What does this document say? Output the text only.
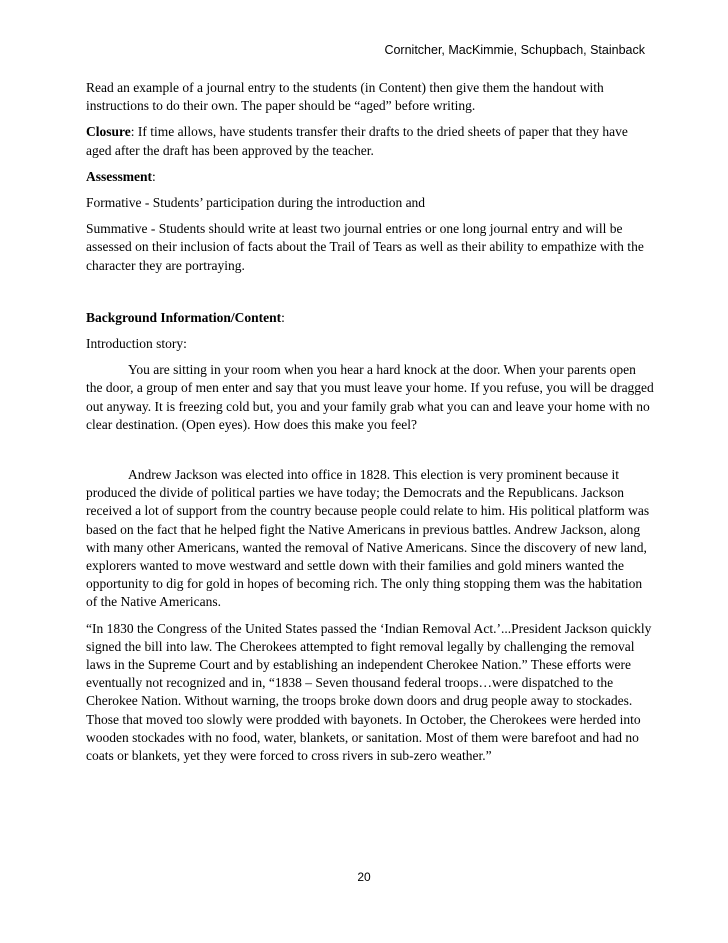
Cornitcher, MacKimmie, Schupbach, Stainback

Read an example of a journal entry to the students (in Content) then give them the handout with instructions to do their own. The paper should be “aged” before writing.

Closure: If time allows, have students transfer their drafts to the dried sheets of paper that they have aged after the draft has been approved by the teacher.

Assessment:

Formative - Students’ participation during the introduction and

Summative - Students should write at least two journal entries or one long journal entry and will be assessed on their inclusion of facts about the Trail of Tears as well as their ability to empathize with the character they are portraying.

Background Information/Content:

Introduction story:

You are sitting in your room when you hear a hard knock at the door. When your parents open the door, a group of men enter and say that you must leave your home. If you refuse, you will be dragged out anyway. It is freezing cold but, you and your family grab what you can and leave your home with no clear destination. (Open eyes). How does this make you feel?

Andrew Jackson was elected into office in 1828. This election is very prominent because it produced the divide of political parties we have today; the Democrats and the Republicans. Jackson received a lot of support from the country because people could relate to him. His political platform was based on the fact that he helped fight the Native Americans in previous battles. Andrew Jackson, along with many other Americans, wanted the removal of Native Americans. Since the discovery of new land, explorers wanted to move westward and settle down with their families and gold miners wanted the opportunity to dig for gold in hopes of becoming rich. The only thing stopping them was the habitation of the Native Americans.

“In 1830 the Congress of the United States passed the ‘Indian Removal Act.’...President Jackson quickly signed the bill into law. The Cherokees attempted to fight removal legally by challenging the removal laws in the Supreme Court and by establishing an independent Cherokee Nation.” These efforts were eventually not recognized and in, “1838 – Seven thousand federal troops…were dispatched to the Cherokee Nation. Without warning, the troops broke down doors and drug people away to stockades. Those that moved too slowly were prodded with bayonets. In October, the Cherokees were herded into wooden stockades with no food, water, blankets, or sanitation. Most of them were barefoot and had no coats or blankets, yet they were forced to cross rivers in sub-zero weather.”

20
